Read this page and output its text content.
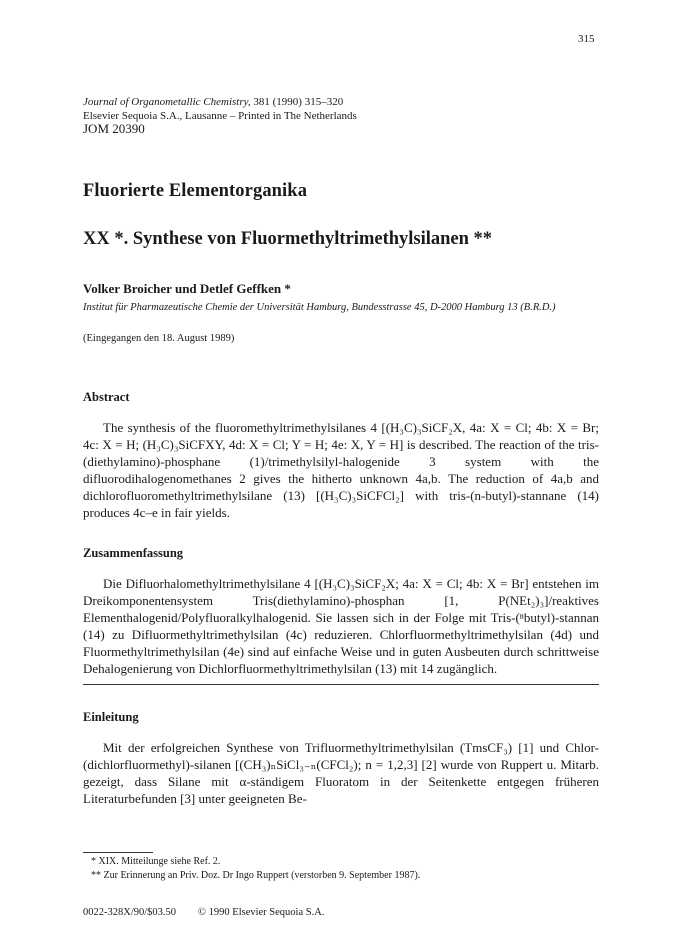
315
Journal of Organometallic Chemistry, 381 (1990) 315–320
Elsevier Sequoia S.A., Lausanne – Printed in The Netherlands
JOM 20390
Fluorierte Elementorganika
XX *. Synthese von Fluormethyltrimethylsilanen **
Volker Broicher und Detlef Geffken *
Institut für Pharmazeutische Chemie der Universität Hamburg, Bundesstrasse 45, D-2000 Hamburg 13 (B.R.D.)
(Eingegangen den 18. August 1989)
Abstract

The synthesis of the fluoromethyltrimethylsilanes 4 [(H₃C)₃SiCF₂X, 4a: X = Cl; 4b: X = Br; 4c: X = H; (H₃C)₃SiCFXY, 4d: X = Cl; Y = H; 4e: X, Y = H] is described. The reaction of the tris-(diethylamino)-phosphane (1)/trimethylsilyl-halogenide 3 system with the difluorodihalogenomethanes 2 gives the hitherto unknown 4a,b. The reduction of 4a,b and dichlorofluoromethyltrimethylsilane (13) [(H₃C)₃SiCFCl₂] with tris-(n-butyl)-stannane (14) produces 4c–e in fair yields.

Zusammenfassung

Die Difluorhalomethyltrimethylsilane 4 [(H₃C)₃SiCF₂X; 4a: X = Cl; 4b: X = Br] entstehen im Dreikomponentensystem Tris(diethylamino)-phosphan [1, P(NEt₂)₃]/reaktives Elementhalogenid/Polyfluoralkylhalogenid. Sie lassen sich in der Folge mit Tris-(ⁿbutyl)-stannan (14) zu Difluormethyltrimethylsilan (4c) reduzieren. Chlorfluormethyltrimethylsilan (4d) und Fluormethyltrimethylsilan (4e) sind auf einfache Weise und in guten Ausbeuten durch schrittweise Dehalogenierung von Dichlorfluormethyltrimethylsilan (13) mit 14 zugänglich.

Einleitung

Mit der erfolgreichen Synthese von Trifluormethyltrimethylsilan (TmsCF₃) [1] und Chlor-(dichlorfluormethyl)-silanen [(CH₃)ₙSiCl₃₋ₙ(CFCl₂); n = 1,2,3] [2] wurde von Ruppert u. Mitarb. gezeigt, dass Silane mit α-ständigem Fluoratom in der Seitenkette entgegen früheren Literaturbefunden [3] unter geeigneten Be-

* XIX. Mitteilunge siehe Ref. 2.
** Zur Erinnerung an Priv. Doz. Dr Ingo Ruppert (verstorben 9. September 1987).
0022-328X/90/$03.50 © 1990 Elsevier Sequoia S.A.
